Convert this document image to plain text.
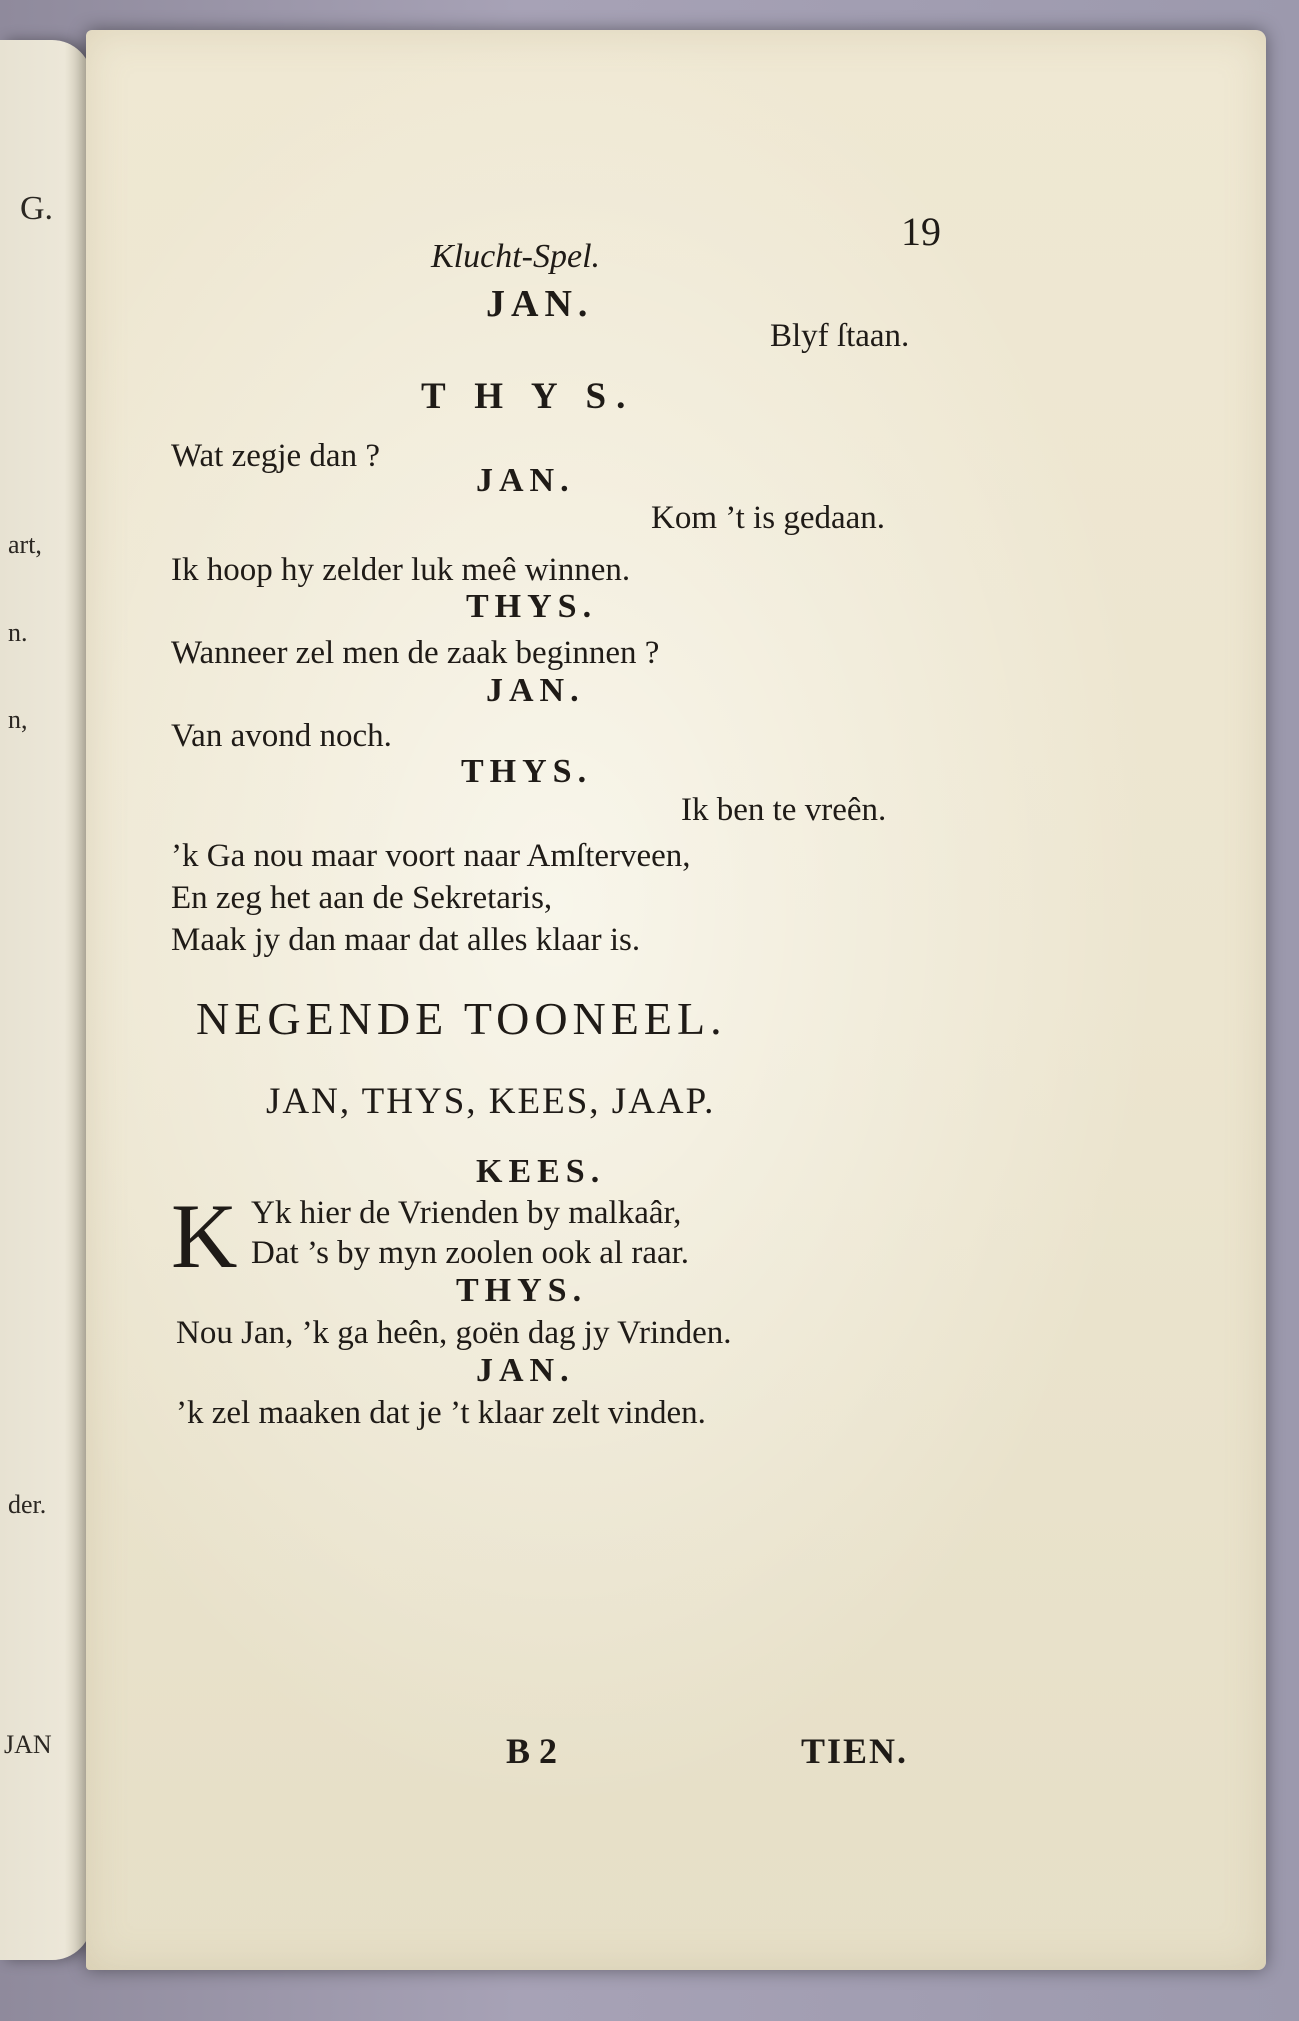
G.
art,
n.
n,
der.
JAN
Klucht-Spel.
19
JAN.
Blyf ſtaan.
T H Y S.
Wat zegje dan ?
JAN.
Kom ’t is gedaan.
Ik hoop hy zelder luk meê winnen.
THYS.
Wanneer zel men de zaak beginnen ?
JAN.
Van avond noch.
THYS.
Ik ben te vreên.
’k Ga nou maar voort naar Amſterveen,
En zeg het aan de Sekretaris,
Maak jy dan maar dat alles klaar is.
NEGENDE TOONEEL.
JAN, THYS, KEES, JAAP.
KEES.
K Yk hier de Vrienden by malkaâr,
Dat ’s by myn zoolen ook al raar.
THYS.
Nou Jan, ’k ga heên, goën dag jy Vrinden.
JAN.
’k zel maaken dat je ’t klaar zelt vinden.
B 2	TIEN.
